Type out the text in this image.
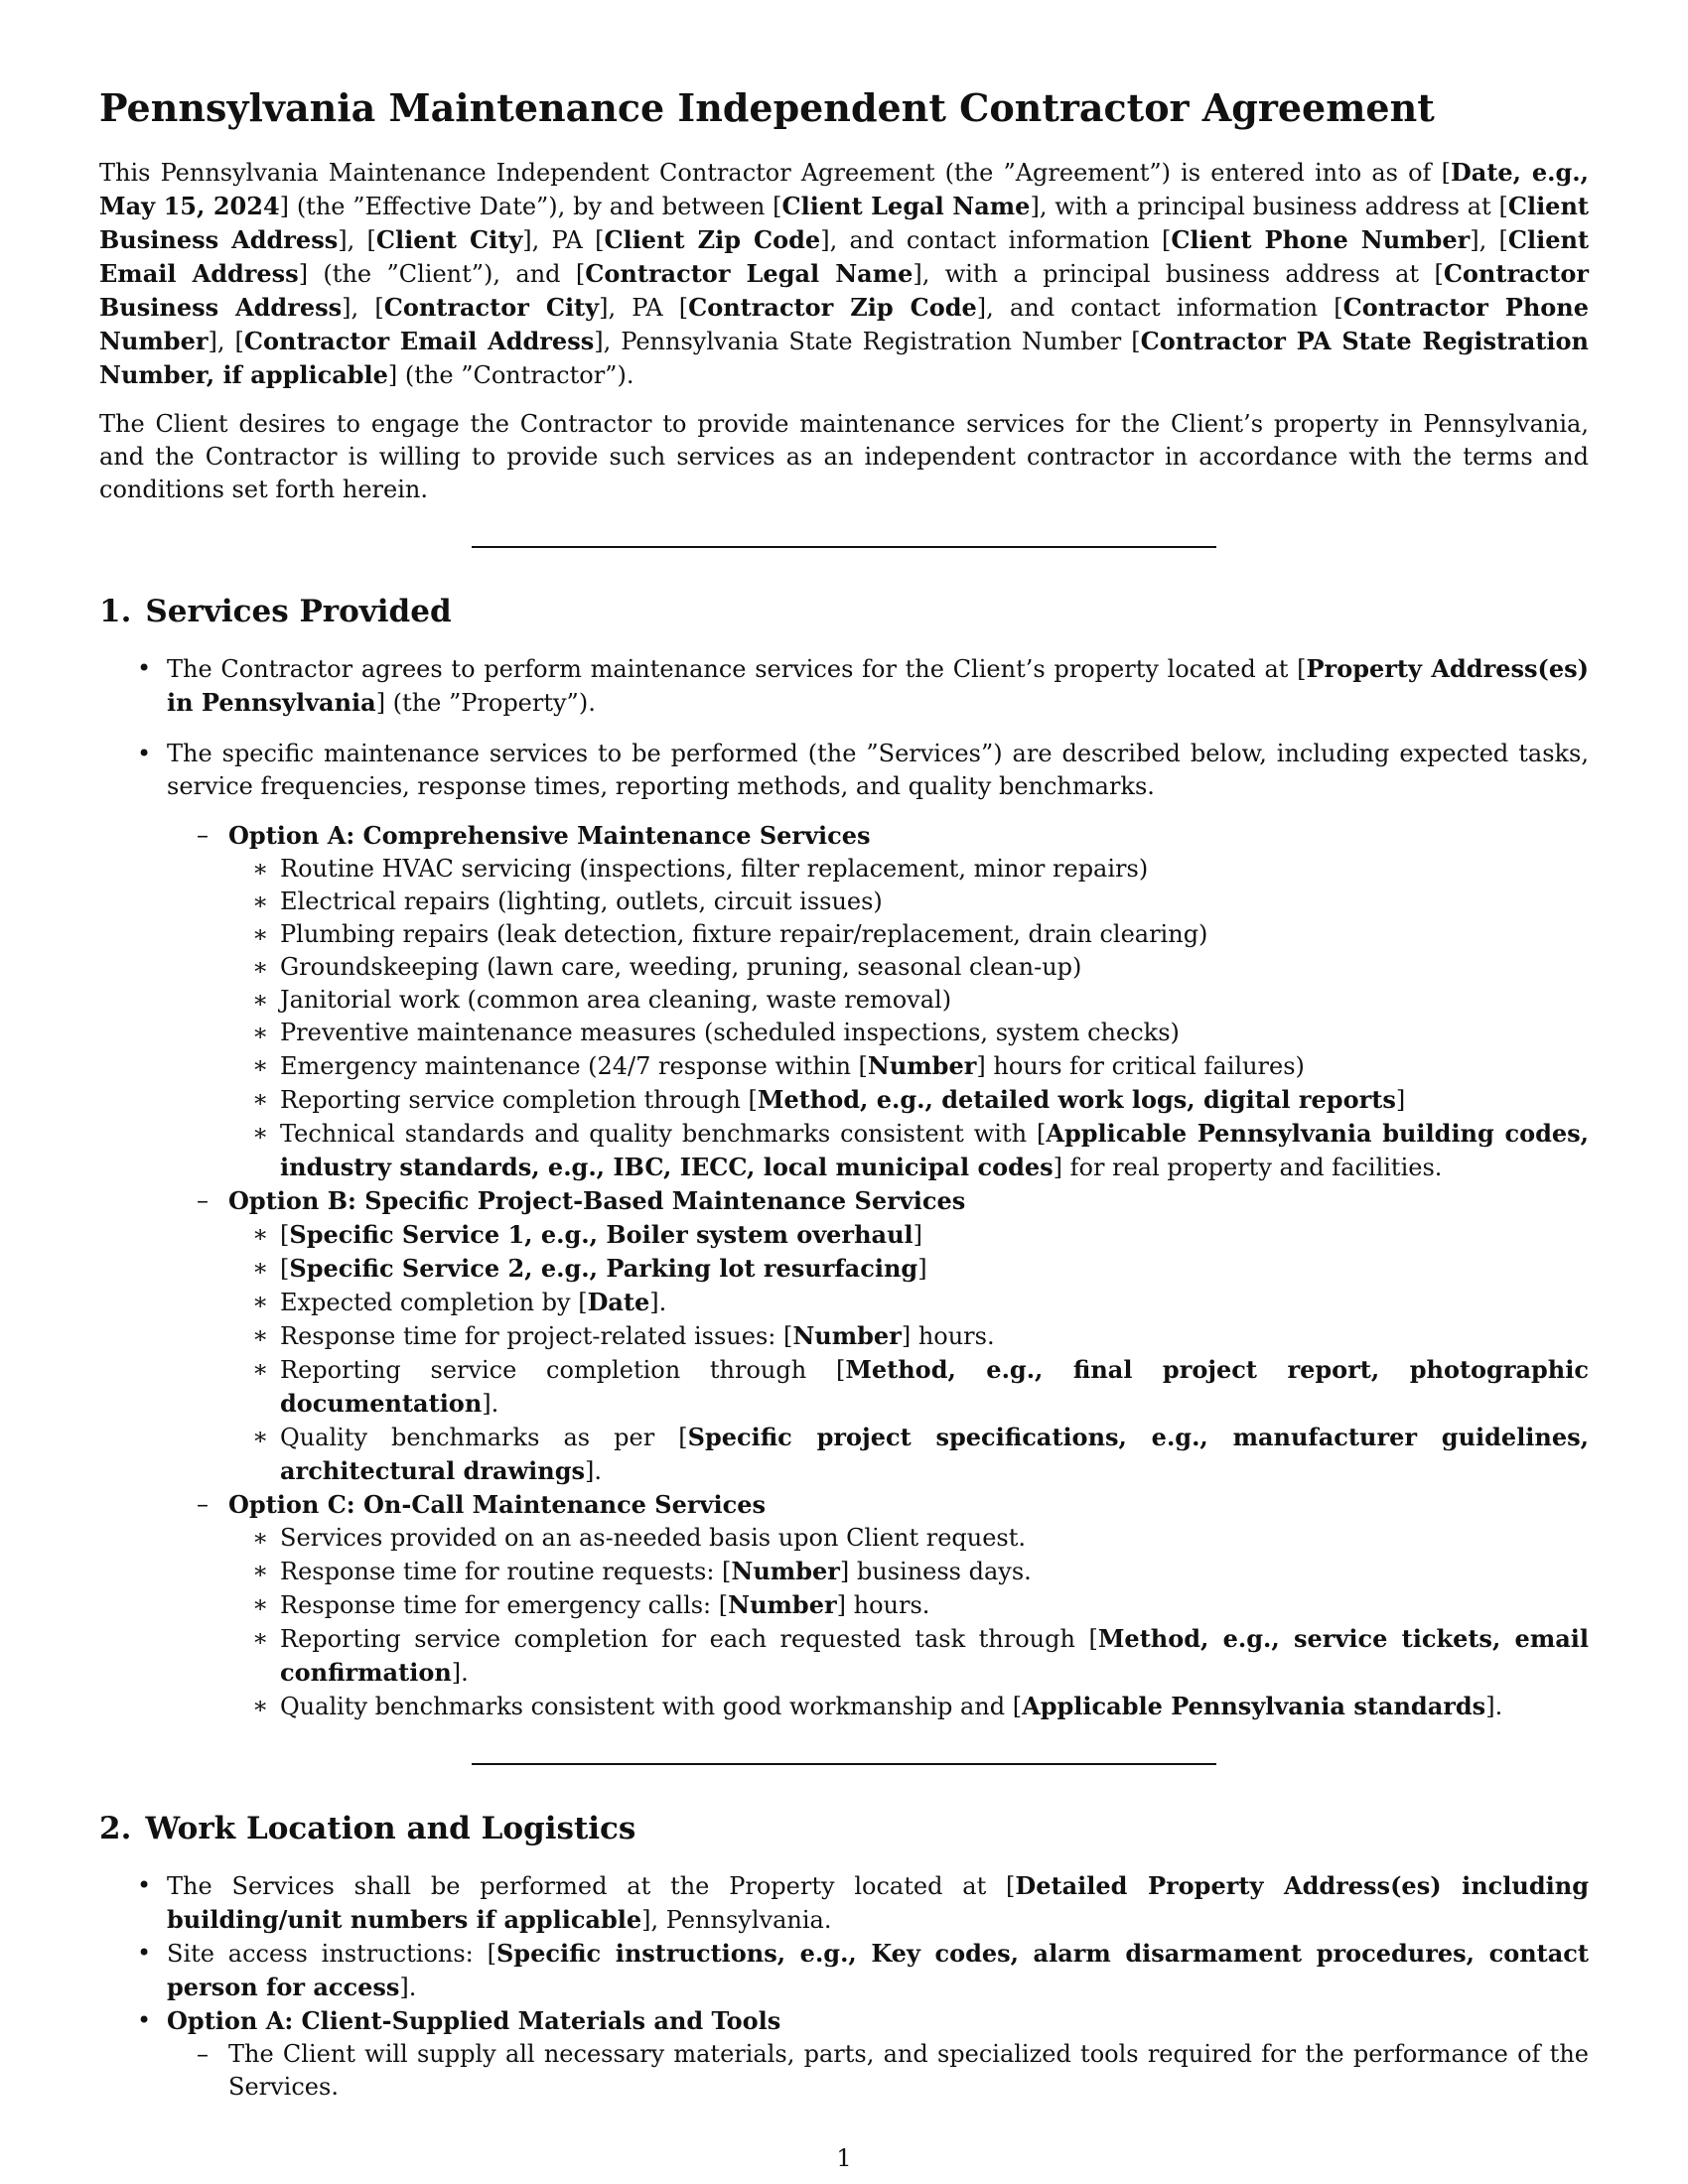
Pennsylvania Maintenance Independent Contractor Agreement

This Pennsylvania Maintenance Independent Contractor Agreement (the ”Agreement”) is entered into as of [Date, e.g., May 15, 2024] (the ”Effective Date”), by and between [Client Legal Name], with a principal business address at [Client Business Address], [Client City], PA [Client Zip Code], and contact information [Client Phone Number], [Client Email Address] (the ”Client”), and [Contractor Legal Name], with a principal business address at [Contractor Business Address], [Contractor City], PA [Contractor Zip Code], and contact information [Contractor Phone Number], [Contractor Email Address], Pennsylvania State Registration Number [Contractor PA State Registration Number, if applicable] (the ”Contractor”).

The Client desires to engage the Contractor to provide maintenance services for the Client’s property in Pennsylvania, and the Contractor is willing to provide such services as an independent contractor in accordance with the terms and conditions set forth herein.

1. Services Provided
• The Contractor agrees to perform maintenance services for the Client’s property located at [Property Address(es) in Pennsylvania] (the ”Property”).
• The specific maintenance services to be performed (the ”Services”) are described below, including expected tasks, service frequencies, response times, reporting methods, and quality benchmarks.
– Option A: Comprehensive Maintenance Services
∗ Routine HVAC servicing (inspections, filter replacement, minor repairs)
∗ Electrical repairs (lighting, outlets, circuit issues)
∗ Plumbing repairs (leak detection, fixture repair/replacement, drain clearing)
∗ Groundskeeping (lawn care, weeding, pruning, seasonal clean-up)
∗ Janitorial work (common area cleaning, waste removal)
∗ Preventive maintenance measures (scheduled inspections, system checks)
∗ Emergency maintenance (24/7 response within [Number] hours for critical failures)
∗ Reporting service completion through [Method, e.g., detailed work logs, digital reports]
∗ Technical standards and quality benchmarks consistent with [Applicable Pennsylvania building codes, industry standards, e.g., IBC, IECC, local municipal codes] for real property and facilities.
– Option B: Specific Project-Based Maintenance Services
∗ [Specific Service 1, e.g., Boiler system overhaul]
∗ [Specific Service 2, e.g., Parking lot resurfacing]
∗ Expected completion by [Date].
∗ Response time for project-related issues: [Number] hours.
∗ Reporting service completion through [Method, e.g., final project report, photographic documentation].
∗ Quality benchmarks as per [Specific project specifications, e.g., manufacturer guidelines, architectural drawings].
– Option C: On-Call Maintenance Services
∗ Services provided on an as-needed basis upon Client request.
∗ Response time for routine requests: [Number] business days.
∗ Response time for emergency calls: [Number] hours.
∗ Reporting service completion for each requested task through [Method, e.g., service tickets, email confirmation].
∗ Quality benchmarks consistent with good workmanship and [Applicable Pennsylvania standards].
2. Work Location and Logistics
• The Services shall be performed at the Property located at [Detailed Property Address(es) including building/unit numbers if applicable], Pennsylvania.
• Site access instructions: [Specific instructions, e.g., Key codes, alarm disarmament procedures, contact person for access].
• Option A: Client-Supplied Materials and Tools
– The Client will supply all necessary materials, parts, and specialized tools required for the performance of the Services.
1
